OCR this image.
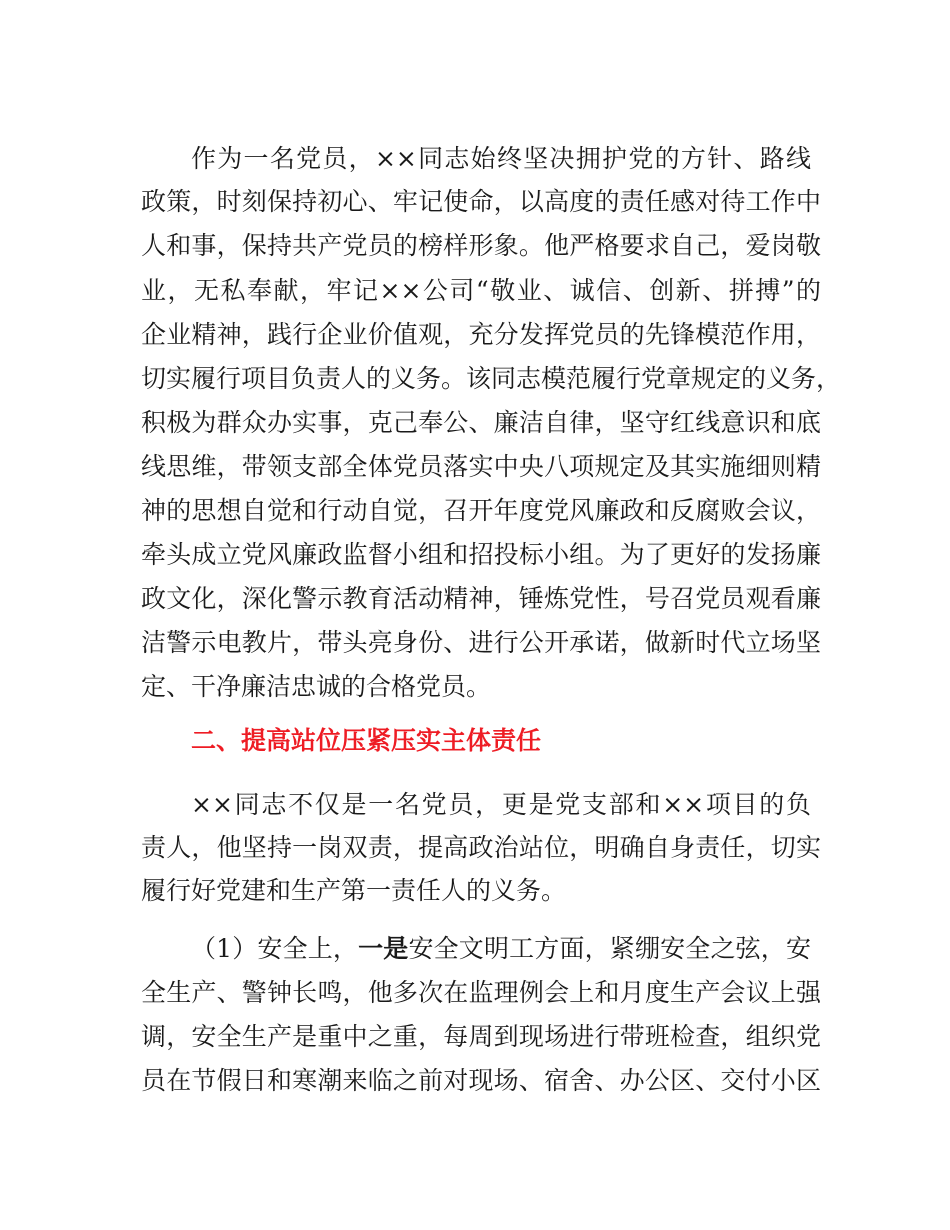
作为一名党员，××同志始终坚决拥护党的方针、路线
政策，时刻保持初心、牢记使命，以高度的责任感对待工作中
人和事，保持共产党员的榜样形象。他严格要求自己，爱岗敬
业，无私奉献，牢记××公司“敬业、诚信、创新、拼搏”的
企业精神，践行企业价值观，充分发挥党员的先锋模范作用，
切实履行项目负责人的义务。该同志模范履行党章规定的义务，
积极为群众办实事，克己奉公、廉洁自律，坚守红线意识和底
线思维，带领支部全体党员落实中央八项规定及其实施细则精
神的思想自觉和行动自觉，召开年度党风廉政和反腐败会议，
牵头成立党风廉政监督小组和招投标小组。为了更好的发扬廉
政文化，深化警示教育活动精神，锤炼党性，号召党员观看廉
洁警示电教片，带头亮身份、进行公开承诺，做新时代立场坚
定、干净廉洁忠诚的合格党员。
二、提高站位压紧压实主体责任
××同志不仅是一名党员，更是党支部和××项目的负
责人，他坚持一岗双责，提高政治站位，明确自身责任，切实
履行好党建和生产第一责任人的义务。
（1）安全上，一是安全文明工方面，紧绷安全之弦，安
全生产、警钟长鸣，他多次在监理例会上和月度生产会议上强
调，安全生产是重中之重，每周到现场进行带班检查，组织党
员在节假日和寒潮来临之前对现场、宿舍、办公区、交付小区
